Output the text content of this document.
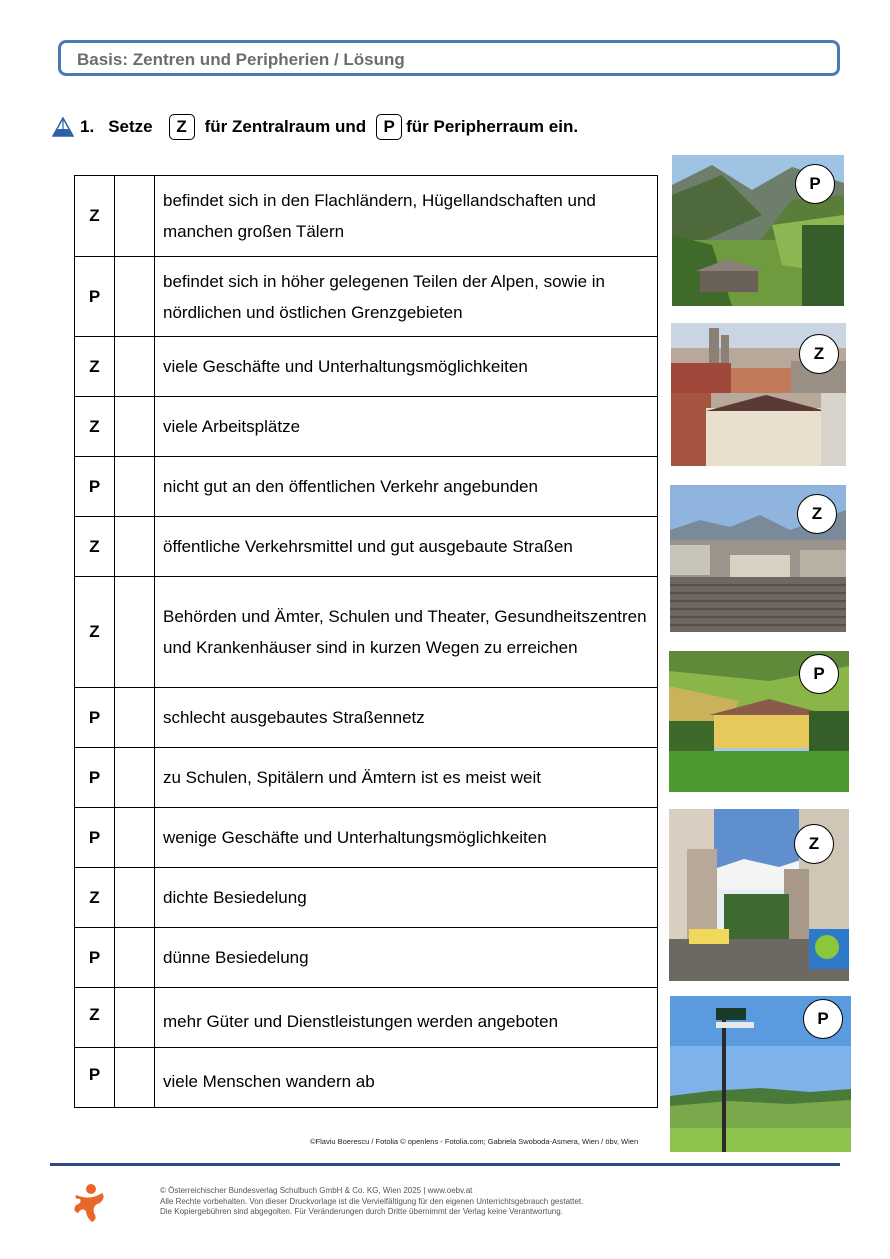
Basis: Zentren und Peripherien / Lösung
1. Setze	Z	für Zentralraum und	P für Peripherraum ein.
Z		befindet sich in den Flachländern, Hügellandschaften und manchen großen Tälern
P		befindet sich in höher gelegenen Teilen der Alpen, sowie in nördlichen und östlichen Grenzgebieten
Z		viele Geschäfte und Unterhaltungsmöglichkeiten
Z		viele Arbeitsplätze
P		nicht gut an den öffentlichen Verkehr angebunden
Z		öffentliche Verkehrsmittel und gut ausgebaute Straßen
Z		Behörden und Ämter, Schulen und Theater, Gesundheitszentren und Krankenhäuser sind in kurzen Wegen zu erreichen
P		schlecht ausgebautes Straßennetz
P		zu Schulen, Spitälern und Ämtern ist es meist weit
P		wenige Geschäfte und Unterhaltungsmöglichkeiten
Z		dichte Besiedelung
P		dünne Besiedelung
Z		mehr Güter und Dienstleistungen werden angeboten
P		viele Menschen wandern ab
P
Z
Z
P
Z
P
©Flaviu Boerescu / Fotolia © openlens - Fotolia.com; Gabriela Swoboda-Asmera, Wien / öbv, Wien
© Österreichischer Bundesverlag Schulbuch GmbH & Co. KG, Wien 2025 | www.oebv.at
Alle Rechte vorbehalten. Von dieser Druckvorlage ist die Vervielfältigung für den eigenen Unterrichtsgebrauch gestattet.
Die Kopiergebühren sind abgegolten. Für Veränderungen durch Dritte übernimmt der Verlag keine Verantwortung.
